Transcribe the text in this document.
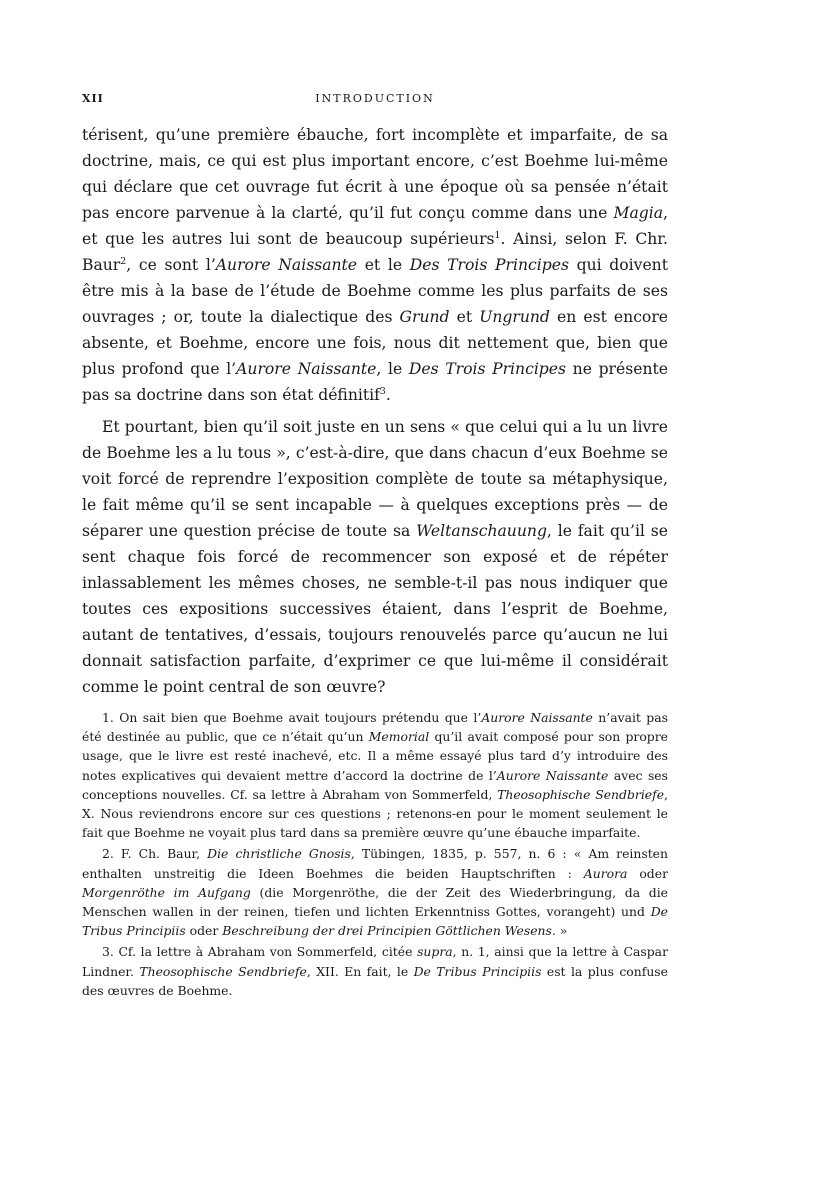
XII	INTRODUCTION

térisent, qu’une première ébauche, fort incomplète et imparfaite, de sa doctrine, mais, ce qui est plus important encore, c’est Boehme lui-même qui déclare que cet ouvrage fut écrit à une époque où sa pensée n’était pas encore parvenue à la clarté, qu’il fut conçu comme dans une Magia, et que les autres lui sont de beaucoup supérieurs$^1$. Ainsi, selon F. Chr. Baur$^2$, ce sont l’Aurore Naissante et le Des Trois Principes qui doivent être mis à la base de l’étude de Boehme comme les plus parfaits de ses ouvrages ; or, toute la dialectique des Grund et Ungrund en est encore absente, et Boehme, encore une fois, nous dit nettement que, bien que plus profond que l’Aurore Naissante, le Des Trois Principes ne présente pas sa doctrine dans son état définitif$^3$.

Et pourtant, bien qu’il soit juste en un sens « que celui qui a lu un livre de Boehme les a lu tous », c’est-à-dire, que dans chacun d’eux Boehme se voit forcé de reprendre l’exposition complète de toute sa métaphysique, le fait même qu’il se sent incapable — à quelques exceptions près — de séparer une question précise de toute sa Weltanschauung, le fait qu’il se sent chaque fois forcé de recommencer son exposé et de répéter inlassablement les mêmes choses, ne semble-t-il pas nous indiquer que toutes ces expositions successives étaient, dans l’esprit de Boehme, autant de tentatives, d’essais, toujours renouvelés parce qu’aucun ne lui donnait satisfaction parfaite, d’exprimer ce que lui-même il considérait comme le point central de son œuvre?

1. On sait bien que Boehme avait toujours prétendu que l’Aurore Naissante n’avait pas été destinée au public, que ce n’était qu’un Memorial qu’il avait composé pour son propre usage, que le livre est resté inachevé, etc. Il a même essayé plus tard d’y introduire des notes explicatives qui devaient mettre d’accord la doctrine de l’Aurore Naissante avec ses conceptions nouvelles. Cf. sa lettre à Abraham von Sommerfeld, Theosophische Sendbriefe, X. Nous reviendrons encore sur ces questions ; retenons-en pour le moment seulement le fait que Boehme ne voyait plus tard dans sa première œuvre qu’une ébauche imparfaite.

2. F. Ch. Baur, Die christliche Gnosis, Tübingen, 1835, p. 557, n. 6 : « Am reinsten enthalten unstreitig die Ideen Boehmes die beiden Hauptschriften : Aurora oder Morgenröthe im Aufgang (die Morgenröthe, die der Zeit des Wiederbringung, da die Menschen wallen in der reinen, tiefen und lichten Erkenntniss Gottes, vorangeht) und De Tribus Principiis oder Beschreibung der drei Principien Göttlichen Wesens. »

3. Cf. la lettre à Abraham von Sommerfeld, citée supra, n. 1, ainsi que la lettre à Caspar Lindner. Theosophische Sendbriefe, XII. En fait, le De Tribus Principiis est la plus confuse des œuvres de Boehme.
